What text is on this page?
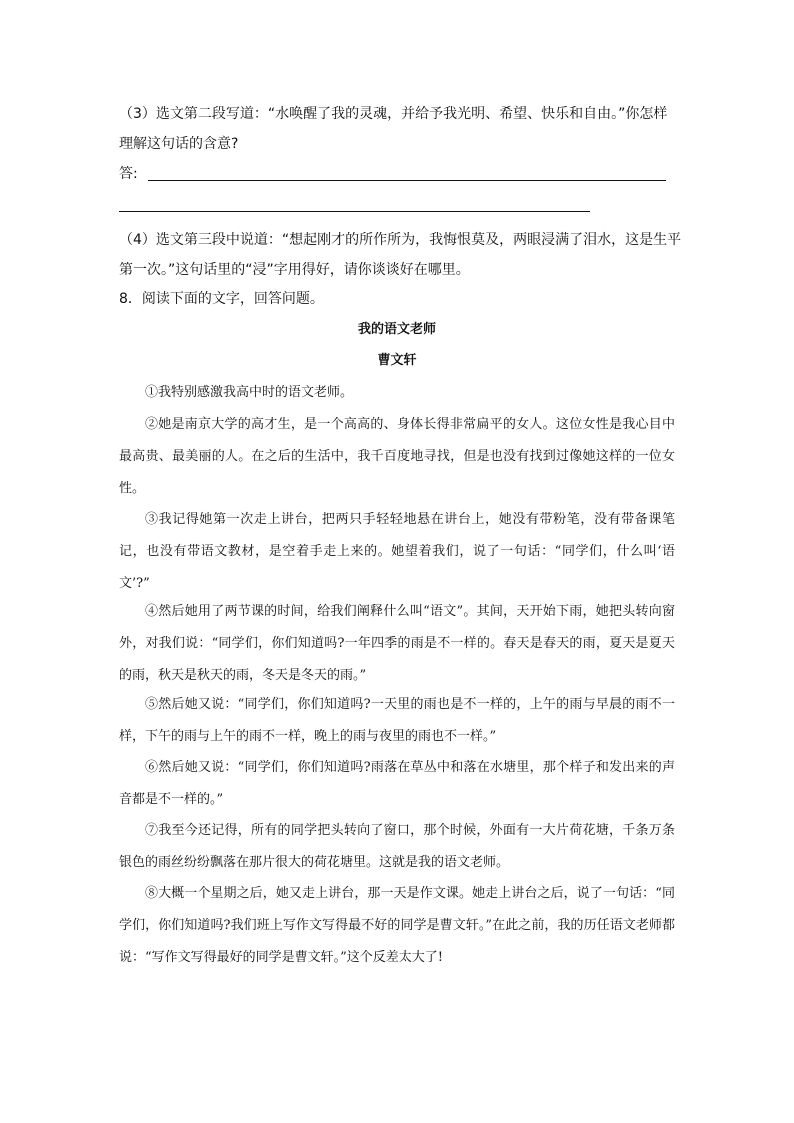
（3）选文第二段写道：“水唤醒了我的灵魂，并给予我光明、希望、快乐和自由。”你怎样
理解这句话的含意?
答:
（4）选文第三段中说道：“想起刚才的所作所为，我悔恨莫及，两眼浸满了泪水，这是生平
第一次。”这句话里的“浸”字用得好，请你谈谈好在哪里。
8．阅读下面的文字，回答问题。
我的语文老师
曹文轩
①我特别感激我高中时的语文老师。
②她是南京大学的高才生，是一个高高的、身体长得非常扁平的女人。这位女性是我心目中最高贵、最美丽的人。在之后的生活中，我千百度地寻找，但是也没有找到过像她这样的一位女性。
③我记得她第一次走上讲台，把两只手轻轻地悬在讲台上，她没有带粉笔，没有带备课笔记，也没有带语文教材，是空着手走上来的。她望着我们，说了一句话：“同学们，什么叫‘语文’?”
④然后她用了两节课的时间，给我们阐释什么叫“语文”。其间，天开始下雨，她把头转向窗外，对我们说：“同学们，你们知道吗?一年四季的雨是不一样的。春天是春天的雨，夏天是夏天的雨，秋天是秋天的雨，冬天是冬天的雨。”
⑤然后她又说：“同学们，你们知道吗?一天里的雨也是不一样的，上午的雨与早晨的雨不一样，下午的雨与上午的雨不一样，晚上的雨与夜里的雨也不一样。”
⑥然后她又说：“同学们，你们知道吗?雨落在草丛中和落在水塘里，那个样子和发出来的声音都是不一样的。”
⑦我至今还记得，所有的同学把头转向了窗口，那个时候，外面有一大片荷花塘，千条万条银色的雨丝纷纷飘落在那片很大的荷花塘里。这就是我的语文老师。
⑧大概一个星期之后，她又走上讲台，那一天是作文课。她走上讲台之后，说了一句话：“同学们，你们知道吗?我们班上写作文写得最不好的同学是曹文轩。”在此之前，我的历任语文老师都说：“写作文写得最好的同学是曹文轩。”这个反差太大了!
